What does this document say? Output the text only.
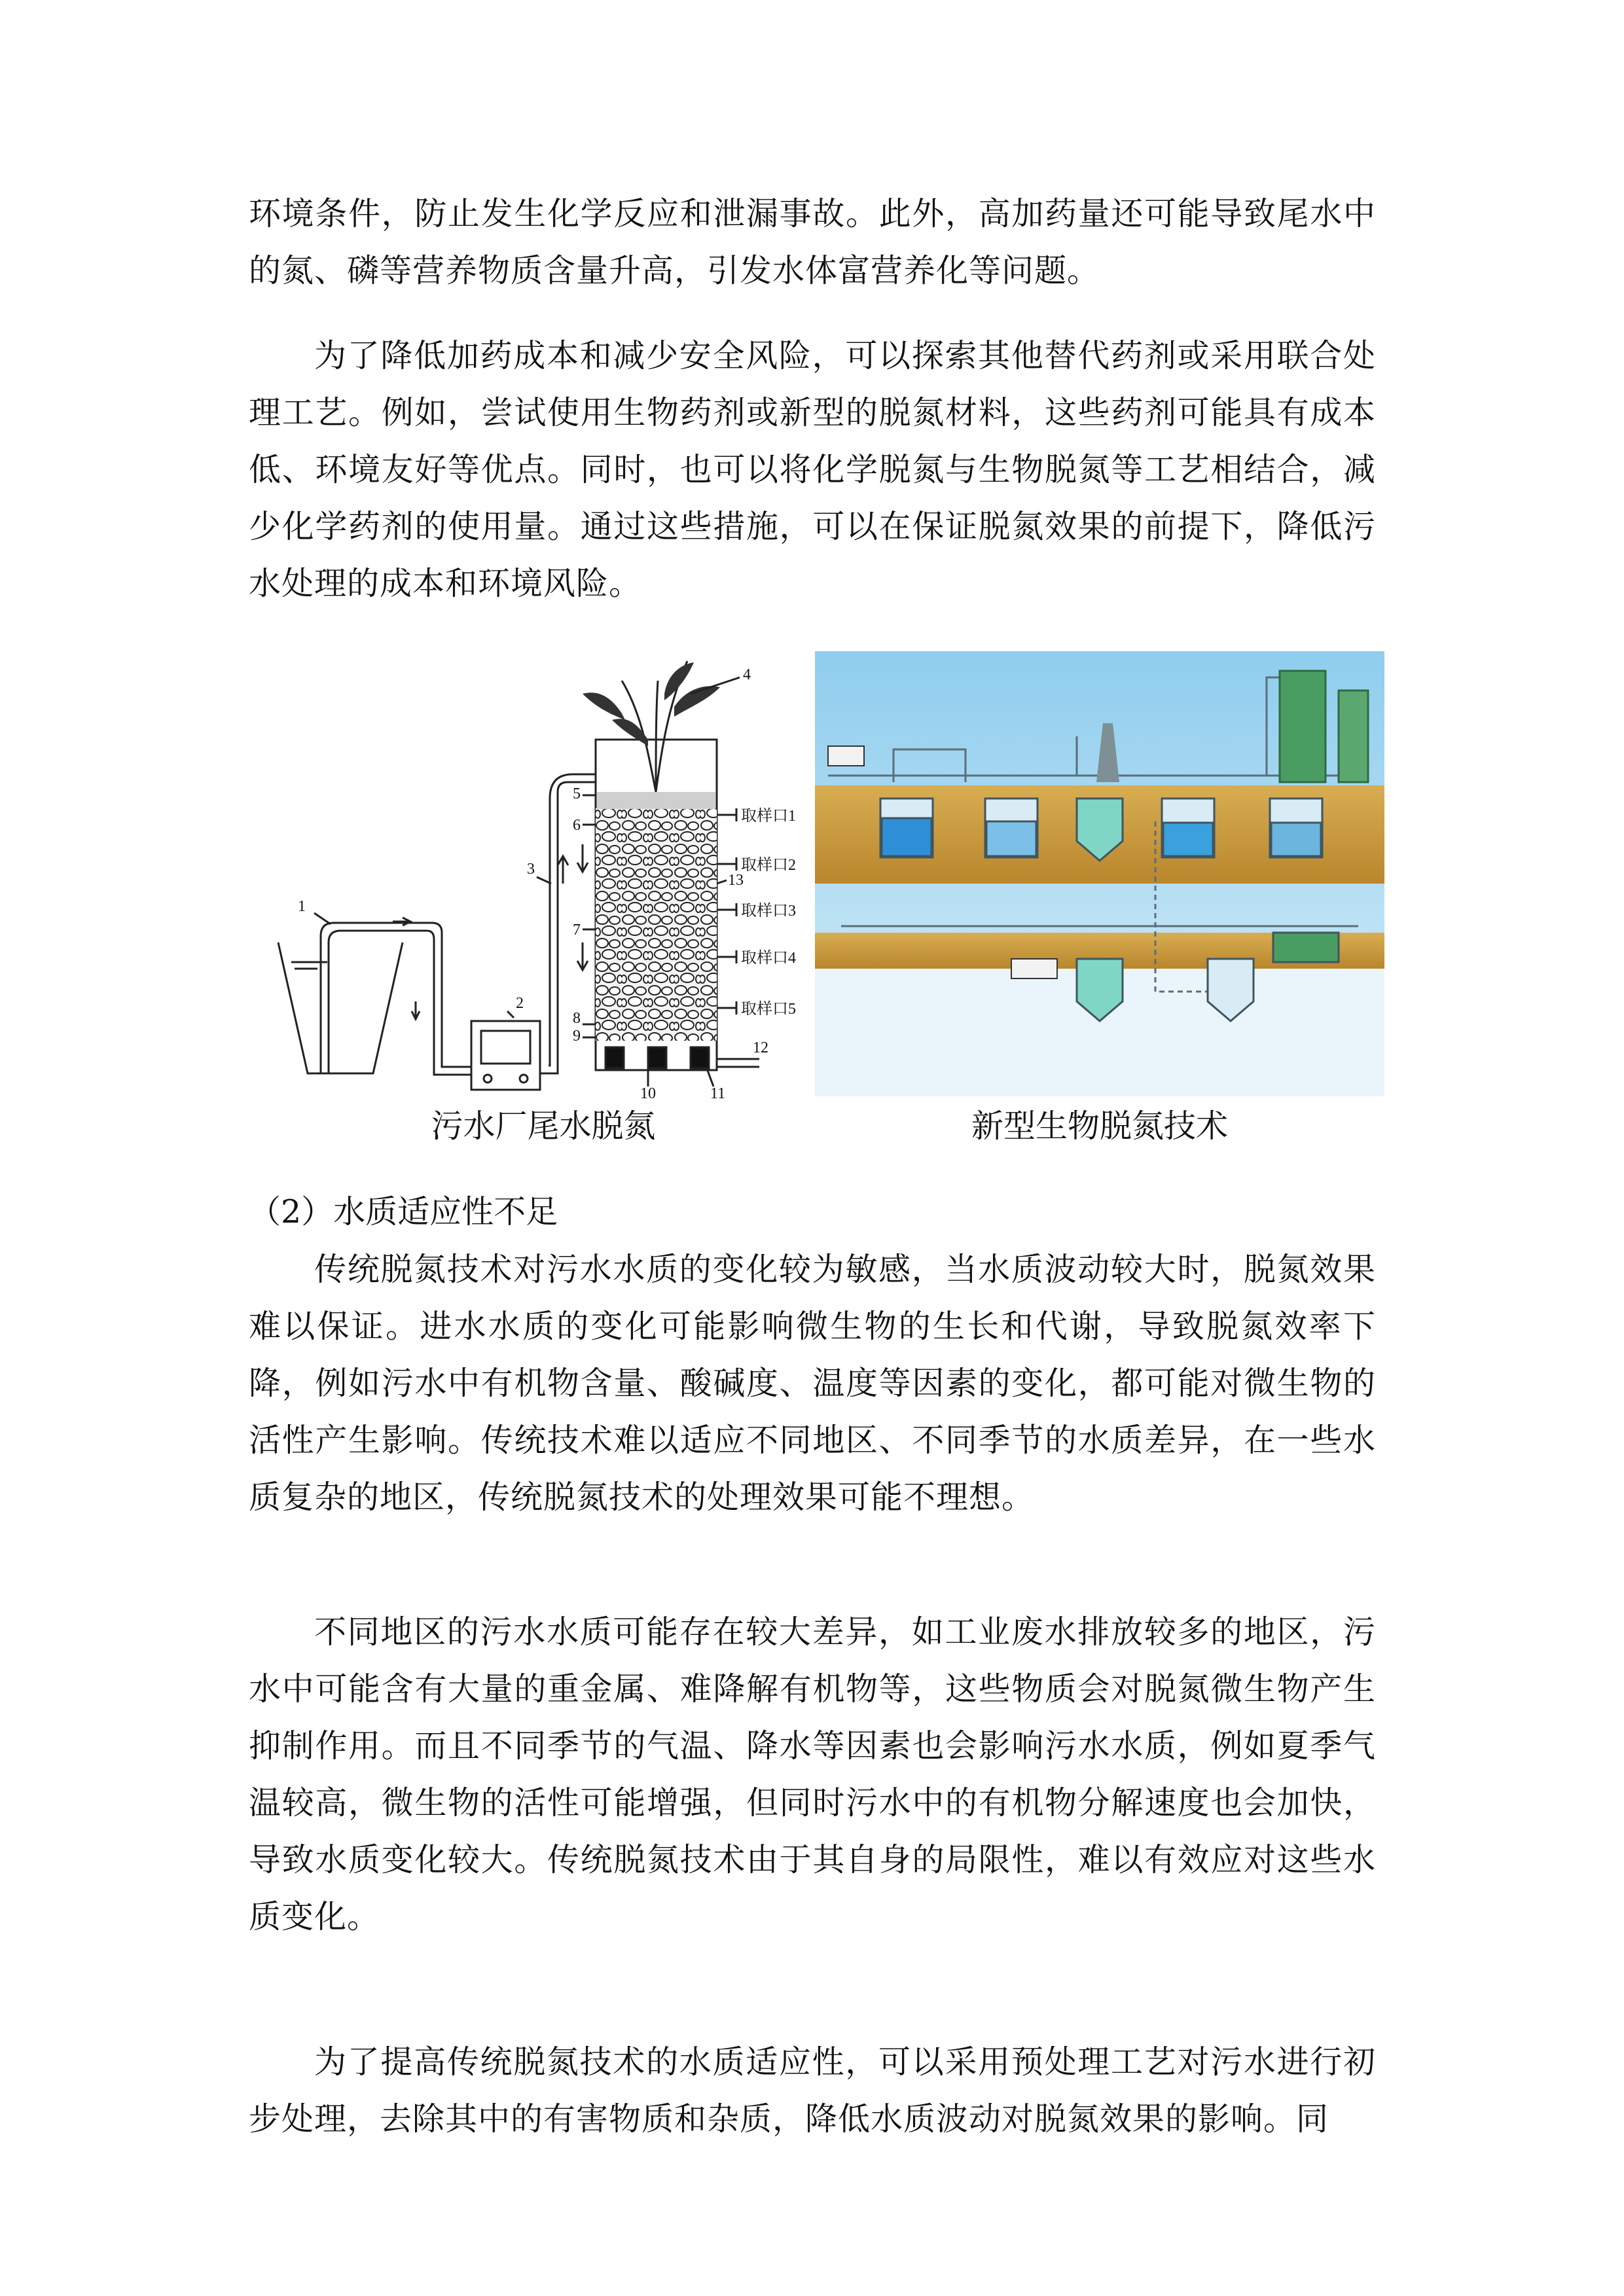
环境条件，防止发生化学反应和泄漏事故。此外，高加药量还可能导致尾水中的氮、磷等营养物质含量升高，引发水体富营养化等问题。

为了降低加药成本和减少安全风险，可以探索其他替代药剂或采用联合处理工艺。例如，尝试使用生物药剂或新型的脱氮材料，这些药剂可能具有成本低、环境友好等优点。同时，也可以将化学脱氮与生物脱氮等工艺相结合，减少化学药剂的使用量。通过这些措施，可以在保证脱氮效果的前提下，降低污水处理的成本和环境风险。

1
2
3
4
5
6
7
8
9
10	11
12
13
取样口1
取样口2
取样口3
取样口4
取样口5
污水厂尾水脱氮	新型生物脱氮技术
（2）水质适应性不足

传统脱氮技术对污水水质的变化较为敏感，当水质波动较大时，脱氮效果难以保证。进水水质的变化可能影响微生物的生长和代谢，导致脱氮效率下降，例如污水中有机物含量、酸碱度、温度等因素的变化，都可能对微生物的活性产生影响。传统技术难以适应不同地区、不同季节的水质差异，在一些水质复杂的地区，传统脱氮技术的处理效果可能不理想。

不同地区的污水水质可能存在较大差异，如工业废水排放较多的地区，污水中可能含有大量的重金属、难降解有机物等，这些物质会对脱氮微生物产生抑制作用。而且不同季节的气温、降水等因素也会影响污水水质，例如夏季气温较高，微生物的活性可能增强，但同时污水中的有机物分解速度也会加快，导致水质变化较大。传统脱氮技术由于其自身的局限性，难以有效应对这些水质变化。

为了提高传统脱氮技术的水质适应性，可以采用预处理工艺对污水进行初步处理，去除其中的有害物质和杂质，降低水质波动对脱氮效果的影响。同
